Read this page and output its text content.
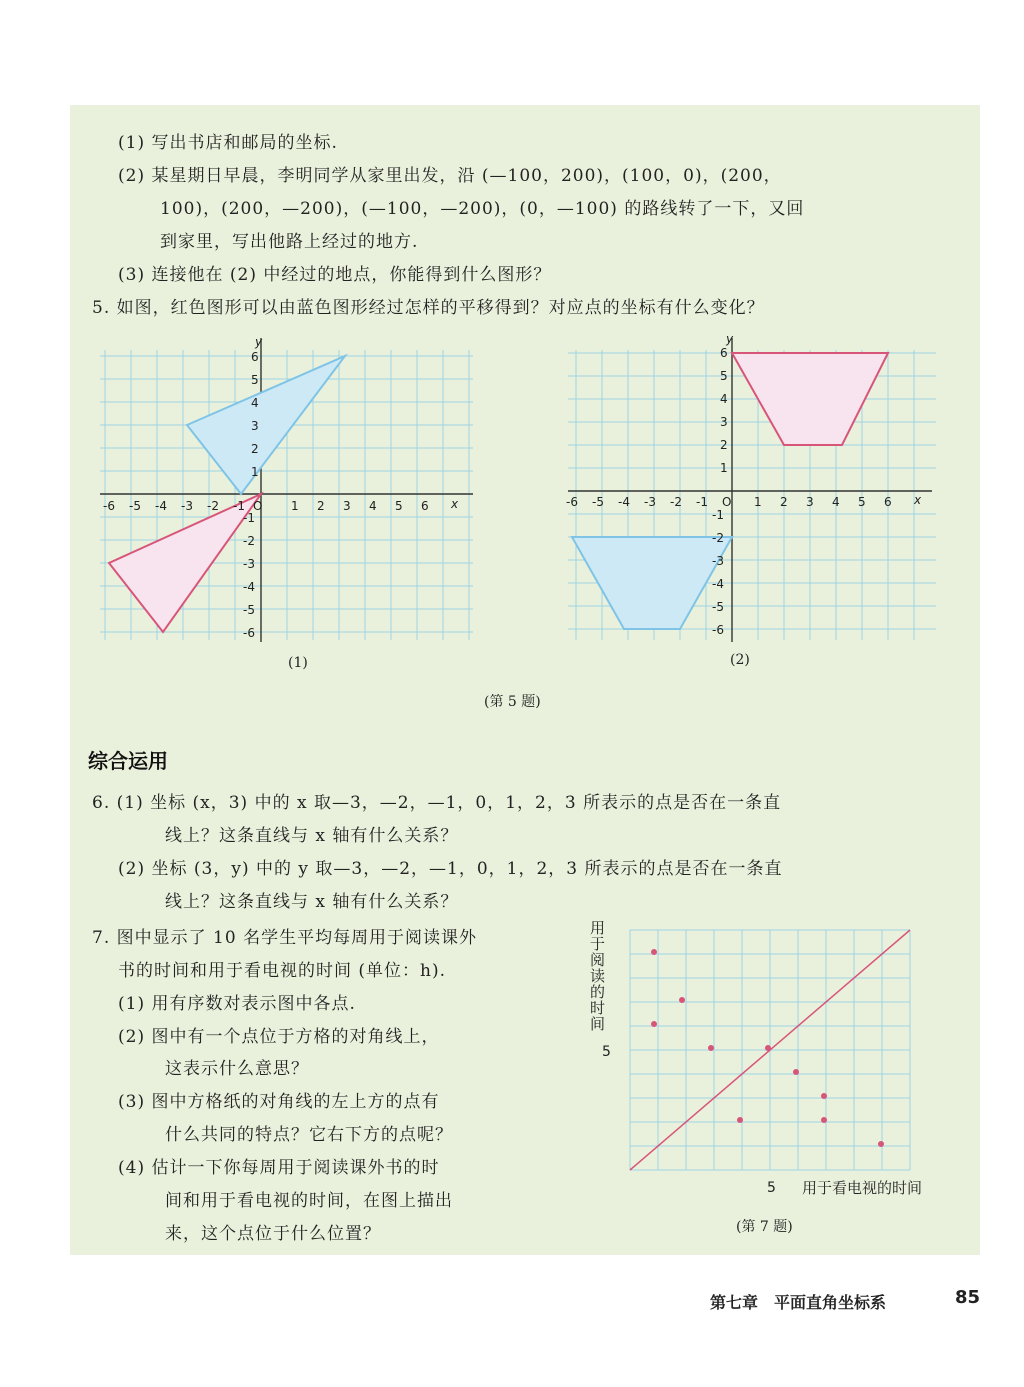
(1) 写出书店和邮局的坐标.
(2) 某星期日早晨，李明同学从家里出发，沿 (—100，200)，(100，0)，(200，
100)，(200，—200)，(—100，—200)，(0，—100) 的路线转了一下，又回
到家里，写出他路上经过的地方.
(3) 连接他在 (2) 中经过的地点，你能得到什么图形？
5. 如图，红色图形可以由蓝色图形经过怎样的平移得到？对应点的坐标有什么变化？
-6 -5 -4 -3 -2 -1 O 1 2 3 4 5 6 x
y
6
5
4
3
2
1
-1
-2
-3
-4
-5
-6
-6 -5 -4 -3 -2 -1 O 1 2 3 4 5 6 x
y
6
5
4
3
2
1
-1
-2
-3
-4
-5
-6
(1)	(2)
(第 5 题)
综合运用
6. (1) 坐标 (x，3) 中的 x 取—3，—2，—1，0，1，2，3 所表示的点是否在一条直
线上？这条直线与 x 轴有什么关系？
(2) 坐标 (3，y) 中的 y 取—3，—2，—1，0，1，2，3 所表示的点是否在一条直
线上？这条直线与 x 轴有什么关系？
7. 图中显示了 10 名学生平均每周用于阅读课外
书的时间和用于看电视的时间 (单位：h).
(1) 用有序数对表示图中各点.
(2) 图中有一个点位于方格的对角线上，
这表示什么意思？
(3) 图中方格纸的对角线的左上方的点有
什么共同的特点？它右下方的点呢？
(4) 估计一下你每周用于阅读课外书的时
间和用于看电视的时间，在图上描出
来，这个点位于什么位置？
用于阅读的时间
5
5 用于看电视的时间
(第 7 题)
第七章　平面直角坐标系	85
